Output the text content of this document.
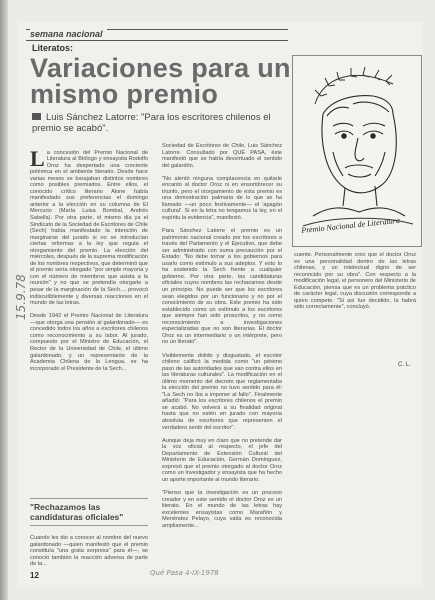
semana nacional
Literatos:
Variaciones para un mismo premio
Luis Sánchez Latorre: "Para los escritores chilenos el premio se acabó".
Premio Nacional de Literatura

La concesión del Premio Nacional de Literatura al Biólogo y ensayista Rodolfo Oroz ha despertado una creciente polémica en el ambiente literario. Desde hace varias meses se barajaban distintos nombres como posibles premiados. Entre ellos, el conocido crítico literario Alone había manifestado sus preferencias el domingo anterior a la elección en su columna de El Mercurio (María Luisa Bombal, Andrés Sabella). Por otra parte, el mismo día ya el Sindicato de la Sociedad de Escritores de Chile (Sech) había manifestado la intención de marginarse del jurado si no se introducían ciertas reformas a la ley que regula el otorgamiento del premio. La elección del miércoles, después de la suprema modificación de los nombres respectivos, que determinó que el premio sería otorgado "por simple mayoría y con el número de miembros que asista a la reunión" y no que se pretendía otorgarle a pesar de la marginación de la Sech..., provocó indiscutiblemente y diversas reacciones en el mundo de las letras.

Desde 1942 el Premio Nacional de Literatura —que otorga una pensión al galardonado— es concedido todos los años a escritores chilenos como reconocimiento a su labor. Al jurado, compuesto por el Ministro de Educación, el Rector de la Universidad de Chile, el último galardonado, y un representante de la Academia Chilena de la Lengua, se ha incorporado el Presidente de la Sech...

Sociedad de Escritores de Chile, Luis Sánchez Latorre. Consultado por QUÉ PASA, éste manifestó que se había desvirtuado el sentido del galardón.

"No alentó ninguna complacencia en quitarle encanto al doctor Oroz ni en ensombrecer su triunfo, pero el otorgamiento de esta premio es una demostración palmaria de lo que se ha llamado —un poco festivamente— el 'apagón cultural'. Si en la letra no tengamos la ley, en el espíritu la evidencia", manifestó.

Para Sánchez Latorre el premio es un patrimonio nacional creado por los escritores a través del Parlamento y el Ejecutivo, que debe ser administrado con suma precaución por el Estado: "No debe tomar a los gobiernos para usarlo como estímulo a sus adeptos. Y esto lo ha sostenido la Sech frente a cualquier gobierno. Por otra parte, las candidaturas oficiales cuyos nombres las rechazamos desde un principio. No puede ser que los escritores sean elegidos por un funcionario y no por el conocimiento de su obra. Este premio ha sido establecido como un estímulo a los escritores que siempre han sido proscritos, y no como reconocimiento a investigaciones especializadas que no son literarias. El doctor Oroz es un intermediario o un intérprete, pero no un literato".

Visiblemente dolido y disgustado, el escritor chileno calificó la medida como "un pésimo paso de las autoridades que van contra ellos en las literaturas culturales". La modificación en el último momento del decreto que reglamentaba la elección del premio no tuvo sentido para él: "La Sech no iba a imponer al fallo". Finalmente añadió: "Para los escritores chilenos el premio se acabó. No volverá a su finalidad original hasta que no estén en jurado con mayoría absoluta de escritores que representen el verdadero sentir del escritor".

Aunque deja muy en claro que no pretende dar la voz oficial al respecto, el jefe del Departamento de Extensión Cultural del Ministerio de Educación, Germán Domínguez, expresó que el premio otorgado al doctor Oroz como un investigador y ensayista que ha hecho un aporte importante al mundo literario.

"Pienso que la investigación es un proceso creador y en este sentido el doctor Oroz es un literato. En el mundo de las letras hay excelentes ensayistas como Marañón y Menéndez Pelayo, cuya valía es reconocida ampliamente...
cuente. Personalmente creo que el doctor Oroz es una personalidad dentro de las letras chilenas, y un intelectual digno de ser reconocido por su obra". Con respecto a la modificación legal, el personero del Ministerio de Educación, piensa que es un problema práctico de carácter legal, cuya discusión corresponde a quien compete. "Si así fue decidido, la habrá sido correctamente", concluyó.
C. L.
"Rechazamos las candidaturas oficiales"
Cuando les dio a conocer al nombre del nuevo galardonado —quien manifestó que el premio constituía "una grata sorpresa" para él—, se conoció también la reacción adversa de parte de la...
15.9.78
12	Qué Pasa 4-IX-1978
